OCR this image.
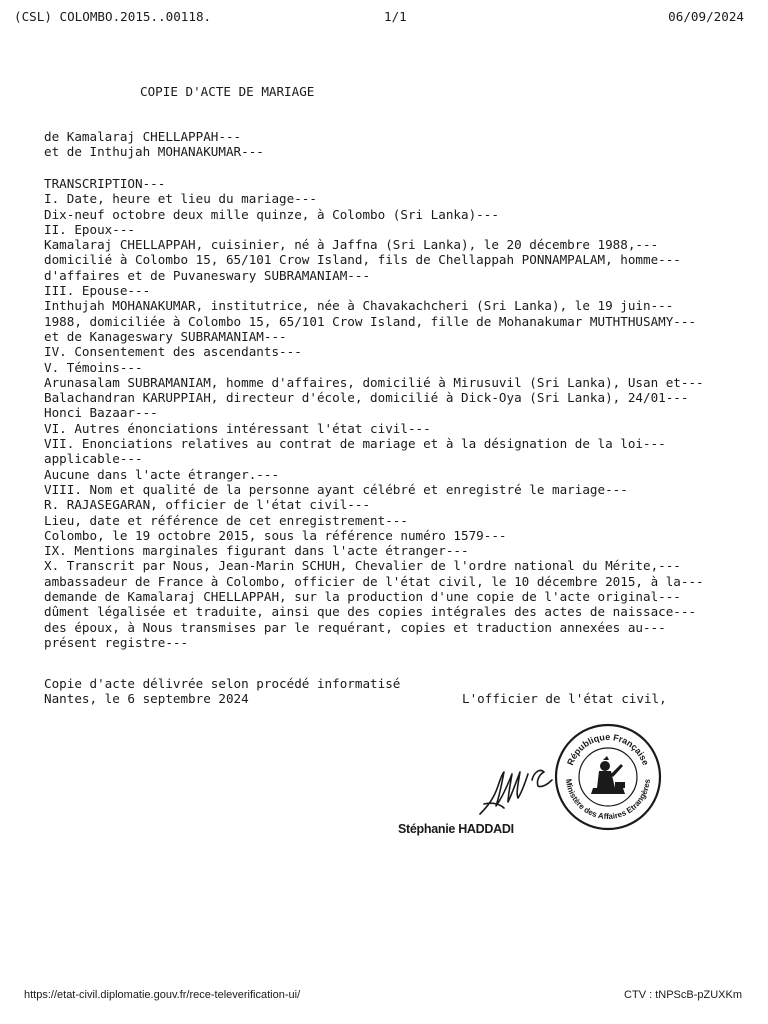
(CSL) COLOMBO.2015..00118.	1/1	06/09/2024
COPIE D'ACTE DE MARIAGE
de Kamalaraj CHELLAPPAH---
et de Inthujah MOHANAKUMAR---
TRANSCRIPTION---
I. Date, heure et lieu du mariage---
Dix-neuf octobre deux mille quinze, à Colombo (Sri Lanka)---
II. Epoux---
Kamalaraj CHELLAPPAH, cuisinier, né à Jaffna (Sri Lanka), le 20 décembre 1988,---
domicilié à Colombo 15, 65/101 Crow Island, fils de Chellappah PONNAMPALAM, homme---
d'affaires et de Puvaneswary SUBRAMANIAM---
III. Epouse---
Inthujah MOHANAKUMAR, institutrice, née à Chavakachcheri (Sri Lanka), le 19 juin---
1988, domiciliée à Colombo 15, 65/101 Crow Island, fille de Mohanakumar MUTHTHUSAMY---
et de Kanageswary SUBRAMANIAM---
IV. Consentement des ascendants---
V. Témoins---
Arunasalam SUBRAMANIAM, homme d'affaires, domicilié à Mirusuvil (Sri Lanka), Usan et---
Balachandran KARUPPIAH, directeur d'école, domicilié à Dick-Oya (Sri Lanka), 24/01---
Honci Bazaar---
VI. Autres énonciations intéressant l'état civil---
VII. Enonciations relatives au contrat de mariage et à la désignation de la loi---
applicable---
Aucune dans l'acte étranger.---
VIII. Nom et qualité de la personne ayant célébré et enregistré le mariage---
R. RAJASEGARAN, officier de l'état civil---
Lieu, date et référence de cet enregistrement---
Colombo, le 19 octobre 2015, sous la référence numéro 1579---
IX. Mentions marginales figurant dans l'acte étranger---
X. Transcrit par Nous, Jean-Marin SCHUH, Chevalier de l'ordre national du Mérite,---
ambassadeur de France à Colombo, officier de l'état civil, le 10 décembre 2015, à la---
demande de Kamalaraj CHELLAPPAH, sur la production d'une copie de l'acte original---
dûment légalisée et traduite, ainsi que des copies intégrales des actes de naissace---
des époux, à Nous transmises par le requérant, copies et traduction annexées au---
présent registre---
Copie d'acte délivrée selon procédé informatisé
Nantes, le 6 septembre 2024	L'officier de l'état civil,
République Française
Ministère des Affaires Etrangères
Stéphanie HADDADI
https://etat-civil.diplomatie.gouv.fr/rece-televerification-ui/	CTV : tNPScB-pZUXKm
